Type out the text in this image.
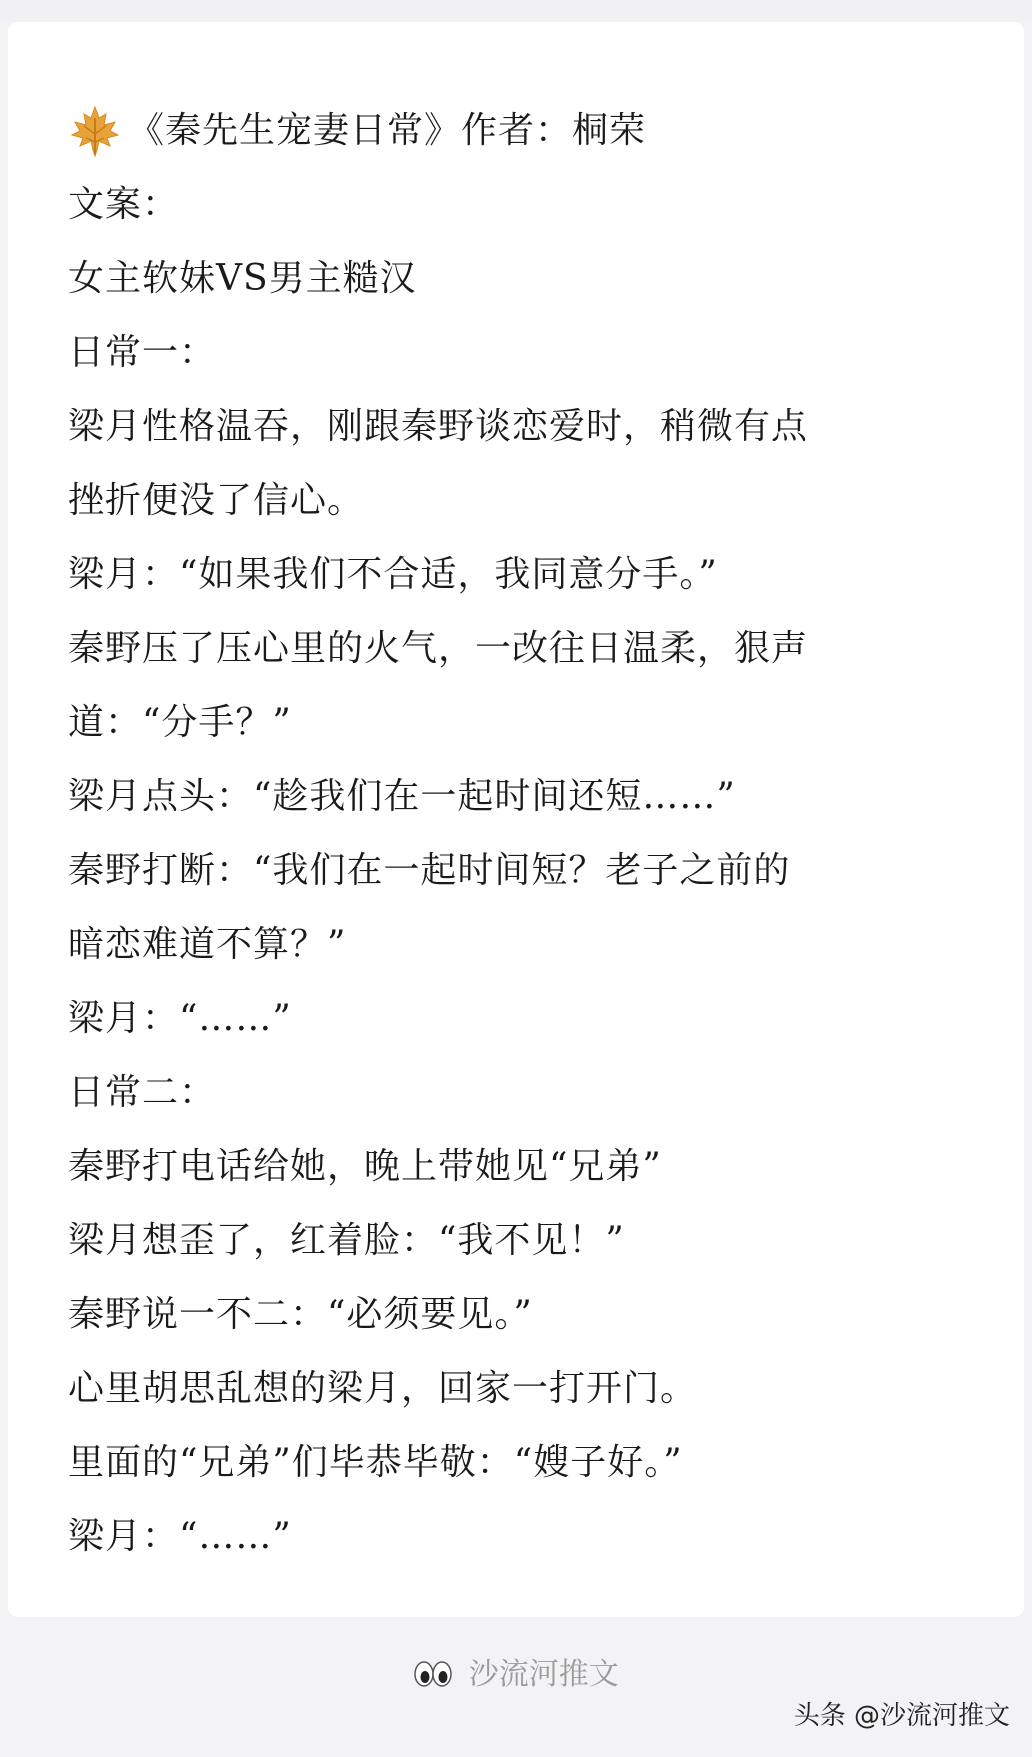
《秦先生宠妻日常》作者：桐荣
文案：
女主软妹VS男主糙汉
日常一：
梁月性格温吞，刚跟秦野谈恋爱时，稍微有点
挫折便没了信心。
梁月：“如果我们不合适，我同意分手。”
秦野压了压心里的火气，一改往日温柔，狠声
道：“分手？”
梁月点头：“趁我们在一起时间还短……”
秦野打断：“我们在一起时间短？老子之前的
暗恋难道不算？”
梁月：“……”
日常二：
秦野打电话给她，晚上带她见“兄弟”
梁月想歪了，红着脸：“我不见！”
秦野说一不二：“必须要见。”
心里胡思乱想的梁月，回家一打开门。
里面的“兄弟”们毕恭毕敬：“嫂子好。”
梁月：“……”
沙流河推文
头条 @沙流河推文
